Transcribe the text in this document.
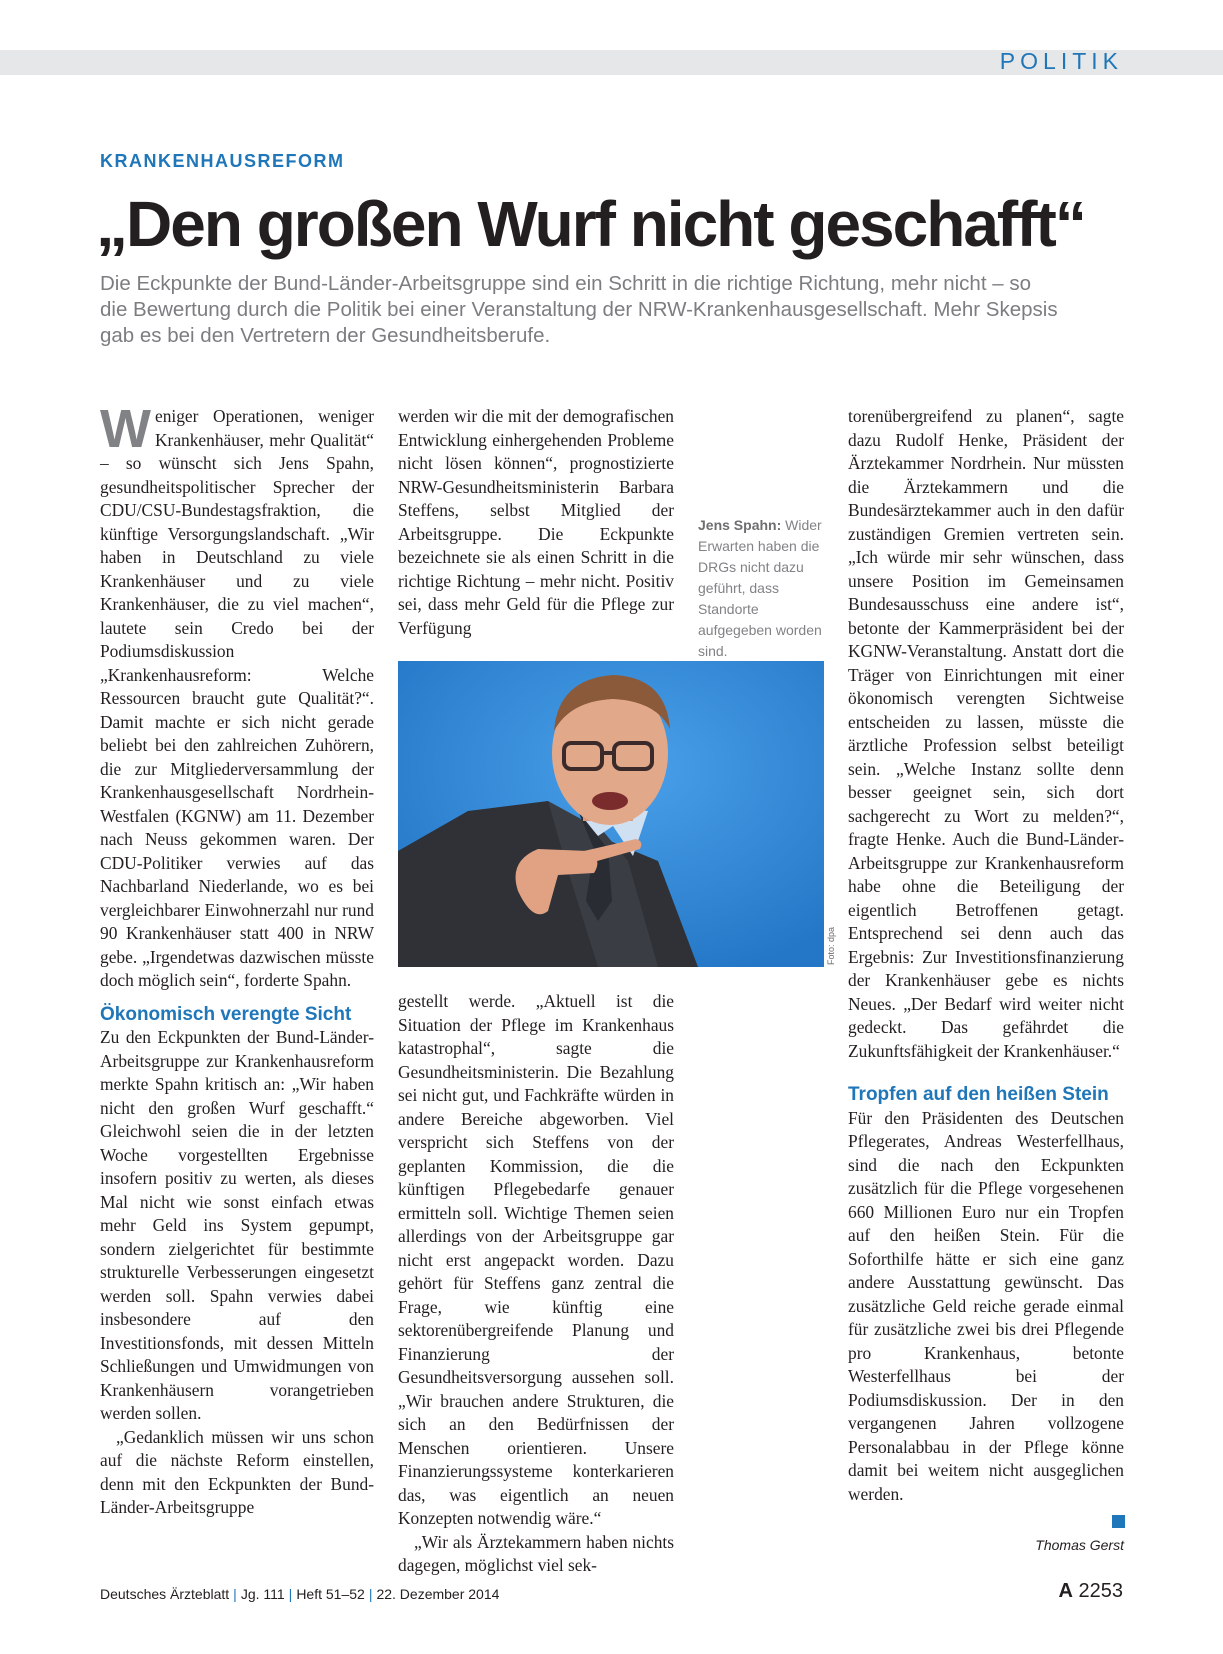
POLITIK
KRANKENHAUSREFORM
„Den großen Wurf nicht geschafft“
Die Eckpunkte der Bund-Länder-Arbeitsgruppe sind ein Schritt in die richtige Richtung, mehr nicht – so die Bewertung durch die Politik bei einer Veranstaltung der NRW-Krankenhausgesellschaft. Mehr Skepsis gab es bei den Vertretern der Gesundheitsberufe.

Weniger Operationen, weniger Krankenhäuser, mehr Qualität“ – so wünscht sich Jens Spahn, gesundheitspolitischer Sprecher der CDU/CSU-Bundestagsfraktion, die künftige Versorgungslandschaft. „Wir haben in Deutschland zu viele Krankenhäuser und zu viele Krankenhäuser, die zu viel machen“, lautete sein Credo bei der Podiumsdiskussion „Krankenhausreform: Welche Ressourcen braucht gute Qualität?“. Damit machte er sich nicht gerade beliebt bei den zahlreichen Zuhörern, die zur Mitgliederversammlung der Krankenhausgesellschaft Nordrhein-Westfalen (KGNW) am 11. Dezember nach Neuss gekommen waren. Der CDU-Politiker verwies auf das Nachbarland Niederlande, wo es bei vergleichbarer Einwohnerzahl nur rund 90 Krankenhäuser statt 400 in NRW gebe. „Irgendetwas dazwischen müsste doch möglich sein“, forderte Spahn.

Ökonomisch verengte Sicht

Zu den Eckpunkten der Bund-Länder-Arbeitsgruppe zur Krankenhausreform merkte Spahn kritisch an: „Wir haben nicht den großen Wurf geschafft.“ Gleichwohl seien die in der letzten Woche vorgestellten Ergebnisse insofern positiv zu werten, als dieses Mal nicht wie sonst einfach etwas mehr Geld ins System gepumpt, sondern zielgerichtet für bestimmte strukturelle Verbesserungen eingesetzt werden soll. Spahn verwies dabei insbesondere auf den Investitionsfonds, mit dessen Mitteln Schließungen und Umwidmungen von Krankenhäusern vorangetrieben werden sollen.

„Gedanklich müssen wir uns schon auf die nächste Reform einstellen, denn mit den Eckpunkten der Bund-Länder-Arbeitsgruppe

werden wir die mit der demografischen Entwicklung einhergehenden Probleme nicht lösen können“, prognostizierte NRW-Gesundheitsministerin Barbara Steffens, selbst Mitglied der Arbeitsgruppe. Die Eckpunkte bezeichnete sie als einen Schritt in die richtige Richtung – mehr nicht. Positiv sei, dass mehr Geld für die Pflege zur Verfügung
Jens Spahn: Wider Erwarten haben die DRGs nicht dazu geführt, dass Standorte aufgegeben worden sind.
Foto: dpa

gestellt werde. „Aktuell ist die Situation der Pflege im Krankenhaus katastrophal“, sagte die Gesundheitsministerin. Die Bezahlung sei nicht gut, und Fachkräfte würden in andere Bereiche abgeworben. Viel verspricht sich Steffens von der geplanten Kommission, die die künftigen Pflegebedarfe genauer ermitteln soll. Wichtige Themen seien allerdings von der Arbeitsgruppe gar nicht erst angepackt worden. Dazu gehört für Steffens ganz zentral die Frage, wie künftig eine sektorenübergreifende Planung und Finanzierung der Gesundheitsversorgung aussehen soll. „Wir brauchen andere Strukturen, die sich an den Bedürfnissen der Menschen orientieren. Unsere Finanzierungssysteme konterkarieren das, was eigentlich an neuen Konzepten notwendig wäre.“

„Wir als Ärztekammern haben nichts dagegen, möglichst viel sek-

torenübergreifend zu planen“, sagte dazu Rudolf Henke, Präsident der Ärztekammer Nordrhein. Nur müssten die Ärztekammern und die Bundesärztekammer auch in den dafür zuständigen Gremien vertreten sein. „Ich würde mir sehr wünschen, dass unsere Position im Gemeinsamen Bundesausschuss eine andere ist“, betonte der Kammerpräsident bei der KGNW-Veranstaltung. Anstatt dort die Träger von Einrichtungen mit einer ökonomisch verengten Sichtweise entscheiden zu lassen, müsste die ärztliche Profession selbst beteiligt sein. „Welche Instanz sollte denn besser geeignet sein, sich dort sachgerecht zu Wort zu melden?“, fragte Henke. Auch die Bund-Länder-Arbeitsgruppe zur Krankenhausreform habe ohne die Beteiligung der eigentlich Betroffenen getagt. Entsprechend sei denn auch das Ergebnis: Zur Investitionsfinanzierung der Krankenhäuser gebe es nichts Neues. „Der Bedarf wird weiter nicht gedeckt. Das gefährdet die Zukunftsfähigkeit der Krankenhäuser.“

Tropfen auf den heißen Stein

Für den Präsidenten des Deutschen Pflegerates, Andreas Westerfellhaus, sind die nach den Eckpunkten zusätzlich für die Pflege vorgesehenen 660 Millionen Euro nur ein Tropfen auf den heißen Stein. Für die Soforthilfe hätte er sich eine ganz andere Ausstattung gewünscht. Das zusätzliche Geld reiche gerade einmal für zusätzliche zwei bis drei Pflegende pro Krankenhaus, betonte Westerfellhaus bei der Podiumsdiskussion. Der in den vergangenen Jahren vollzogene Personalabbau in der Pflege könne damit bei weitem nicht ausgeglichen werden.

Thomas Gerst
Deutsches Ärzteblatt | Jg. 111 | Heft 51–52 | 22. Dezember 2014	A 2253
